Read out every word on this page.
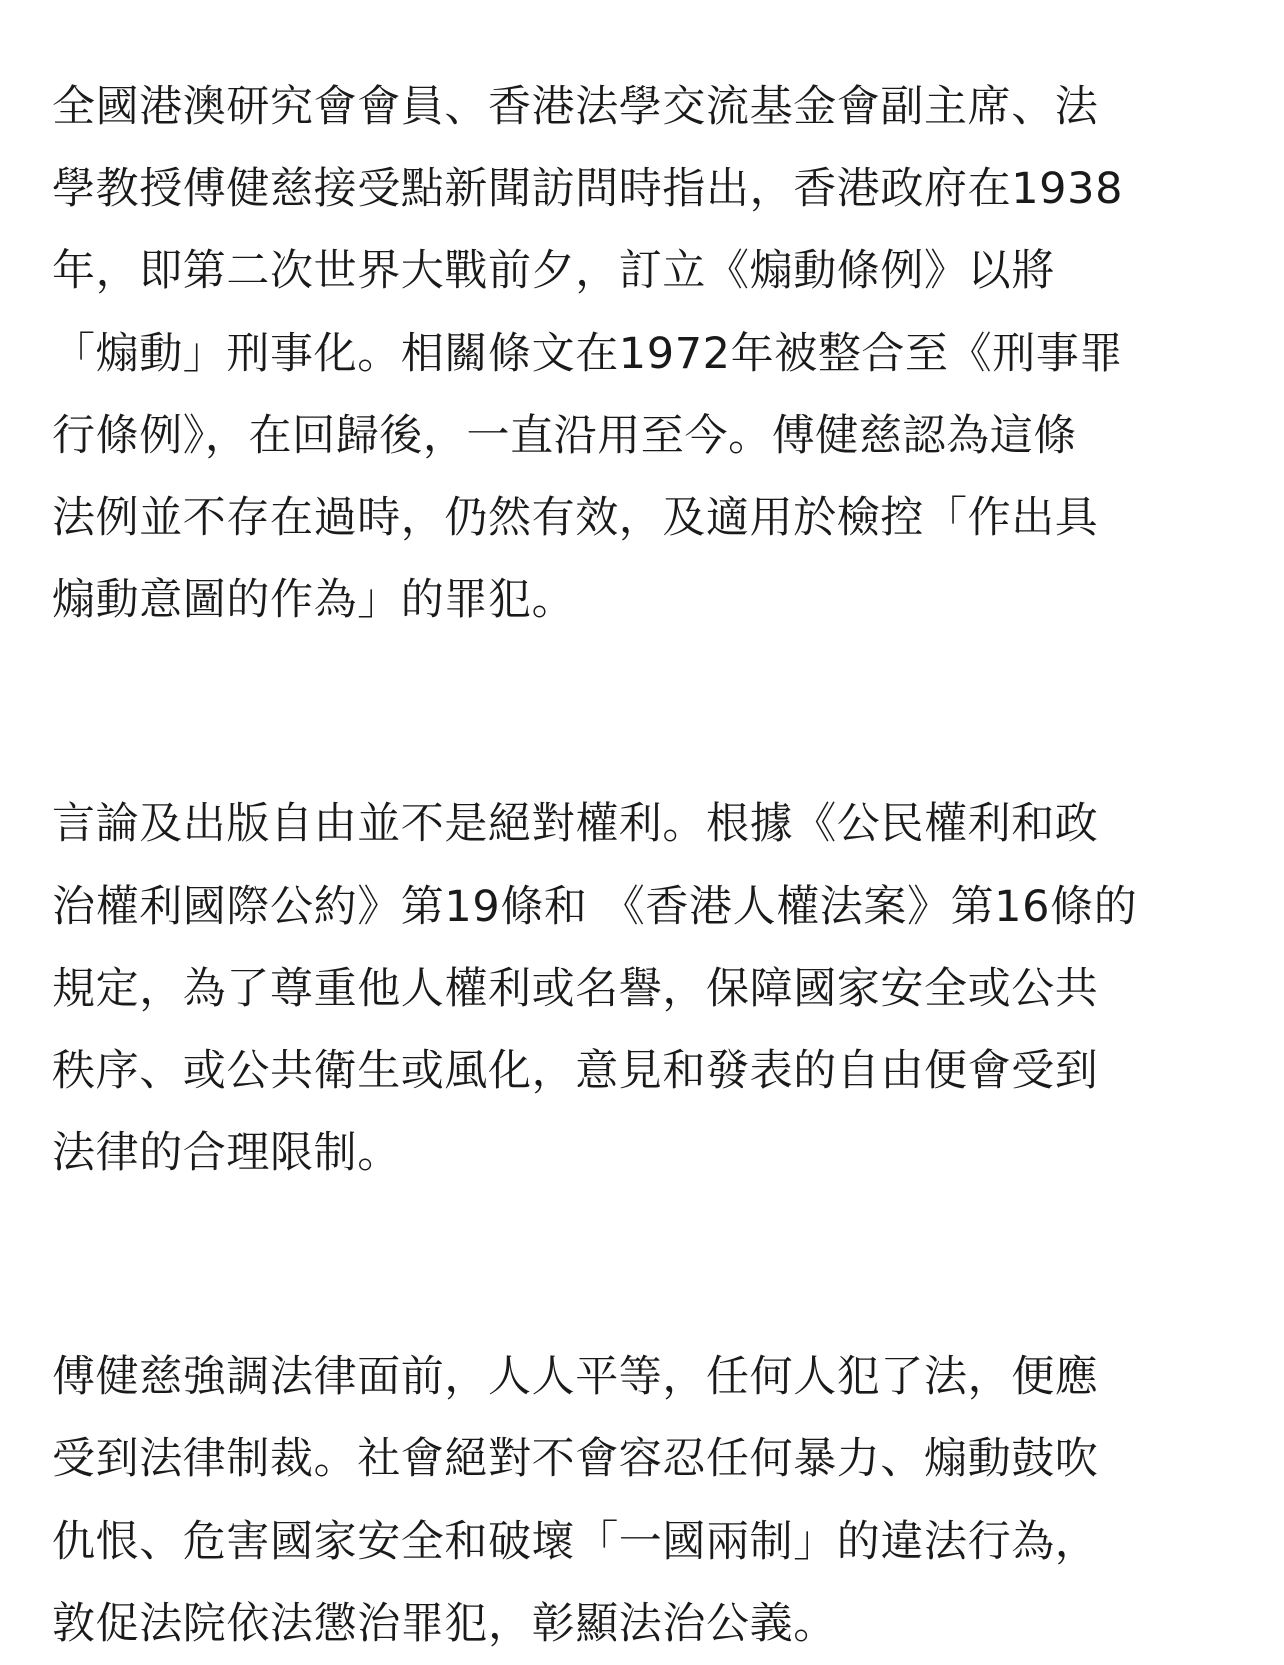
全國港澳研究會會員、香港法學交流基金會副主席、法
學教授傅健慈接受點新聞訪問時指出，香港政府在1938
年，即第二次世界大戰前夕，訂立《煽動條例》以將
「煽動」刑事化。相關條文在1972年被整合至《刑事罪
行條例》，在回歸後，一直沿用至今。傅健慈認為這條
法例並不存在過時，仍然有效，及適用於檢控「作出具
煽動意圖的作為」的罪犯。
言論及出版自由並不是絕對權利。根據《公民權利和政
治權利國際公約》第19條和 《香港人權法案》第16條的
規定，為了尊重他人權利或名譽，保障國家安全或公共
秩序、或公共衛生或風化，意見和發表的自由便會受到
法律的合理限制。
傅健慈強調法律面前，人人平等，任何人犯了法，便應
受到法律制裁。社會絕對不會容忍任何暴力、煽動鼓吹
仇恨、危害國家安全和破壞「一國兩制」的違法行為，
敦促法院依法懲治罪犯，彰顯法治公義。
